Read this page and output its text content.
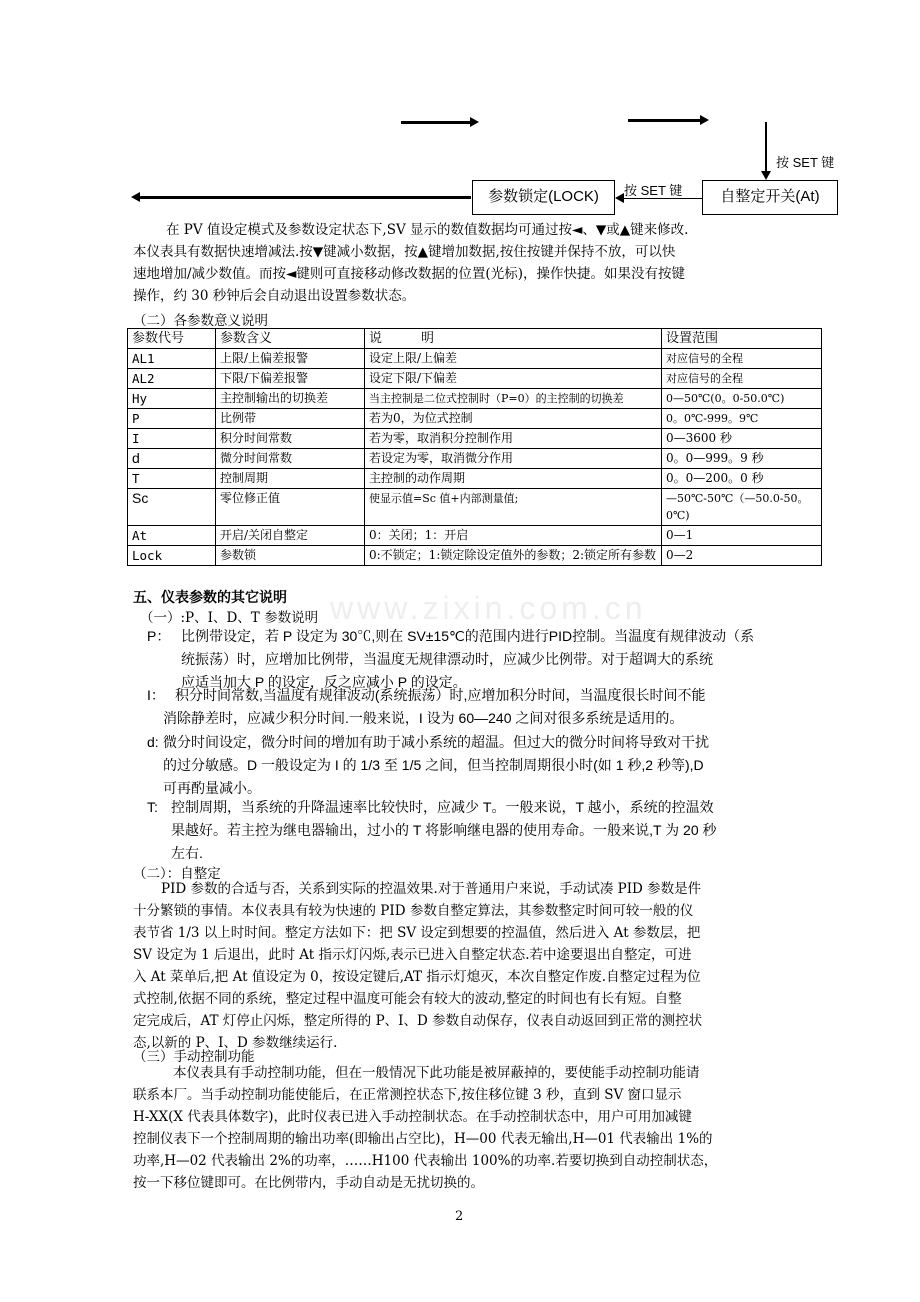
按 SET 键
参数锁定(LOCK)	自整定开关(At)
按 SET 键
在 PV 值设定模式及参数设定状态下,SV 显示的数值数据均可通过按◄、▼或▲键来修改.
本仪表具有数据快速增减法.按▼键减小数据，按▲键增加数据,按住按键并保持不放，可以快
速地增加/减少数值。而按◄键则可直接移动修改数据的位置(光标)，操作快捷。如果没有按键
操作，约 30 秒钟后会自动退出设置参数状态。
（二）各参数意义说明
参数代号	参数含义	说　　　明	设置范围
AL1	上限/上偏差报警	设定上限/上偏差	对应信号的全程
AL2	下限/下偏差报警	设定下限/下偏差	对应信号的全程
Hy	主控制输出的切换差	当主控制是二位式控制时（P=0）的主控制的切换差	0—50℃(0。0-50.0℃)
P	比例带	若为0，为位式控制	0。0℃-999。9℃
I	积分时间常数	若为零，取消积分控制作用	0—3600 秒
d	微分时间常数	若设定为零，取消微分作用	0。0—999。9 秒
T	控制周期	主控制的动作周期	0。0—200。0 秒
Sc	零位修正值	使显示值=Sc 值+内部测量值;	—50℃-50℃（—50.0-50。0℃)
At	开启/关闭自整定	0：关闭；1：开启	0—1
Lock	参数锁	0:不锁定；1:锁定除设定值外的参数；2:锁定所有参数	0—2
www.zixin.com.cn
五、仪表参数的其它说明
（一）:P、I、D、T 参数说明
P： 比例带设定，若 P 设定为 30℃,则在 SV±15℃的范围内进行PID控制。当温度有规律波动（系
统振荡）时，应增加比例带，当温度无规律漂动时，应减少比例带。对于超调大的系统
应适当加大 P 的设定，反之应减小 P 的设定。
I： 积分时间常数,当温度有规律波动(系统振荡）时,应增加积分时间，当温度很长时间不能
消除静差时，应减少积分时间.一般来说，I 设为 60—240 之间对很多系统是适用的。
d: 微分时间设定，微分时间的增加有助于减小系统的超温。但过大的微分时间将导致对干扰
的过分敏感。D 一般设定为 I 的 1/3 至 1/5 之间，但当控制周期很小时(如 1 秒,2 秒等),D
可再酌量减小。
T: 控制周期，当系统的升降温速率比较快时，应减少 T。一般来说，T 越小，系统的控温效
果越好。若主控为继电器输出，过小的 T 将影响继电器的使用寿命。一般来说,T 为 20 秒
左右.
（二）：自整定
PID 参数的合适与否，关系到实际的控温效果.对于普通用户来说，手动试凑 PID 参数是件
十分繁锁的事情。本仪表具有较为快速的 PID 参数自整定算法，其参数整定时间可较一般的仪
表节省 1/3 以上时时间。整定方法如下：把 SV 设定到想要的控温值，然后进入 At 参数层，把
SV 设定为 1 后退出，此时 At 指示灯闪烁,表示已进入自整定状态.若中途要退出自整定，可进
入 At 菜单后,把 At 值设定为 0，按设定键后,AT 指示灯熄灭，本次自整定作废.自整定过程为位
式控制,依据不同的系统，整定过程中温度可能会有较大的波动,整定的时间也有长有短。自整
定完成后，AT 灯停止闪烁，整定所得的 P、I、D 参数自动保存，仪表自动返回到正常的测控状
态,以新的 P、I、D 参数继续运行.
（三）手动控制功能
本仪表具有手动控制功能，但在一般情况下此功能是被屏蔽掉的，要使能手动控制功能请
联系本厂。当手动控制功能使能后，在正常测控状态下,按住移位键 3 秒，直到 SV 窗口显示
H-XX(X 代表具体数字)，此时仪表已进入手动控制状态。在手动控制状态中，用户可用加减键
控制仪表下一个控制周期的输出功率(即输出占空比)，H—00 代表无输出,H—01 代表输出 1%的
功率,H—02 代表输出 2%的功率，……H100 代表输出 100%的功率.若要切换到自动控制状态，
按一下移位键即可。在比例带内，手动自动是无扰切换的。
2
